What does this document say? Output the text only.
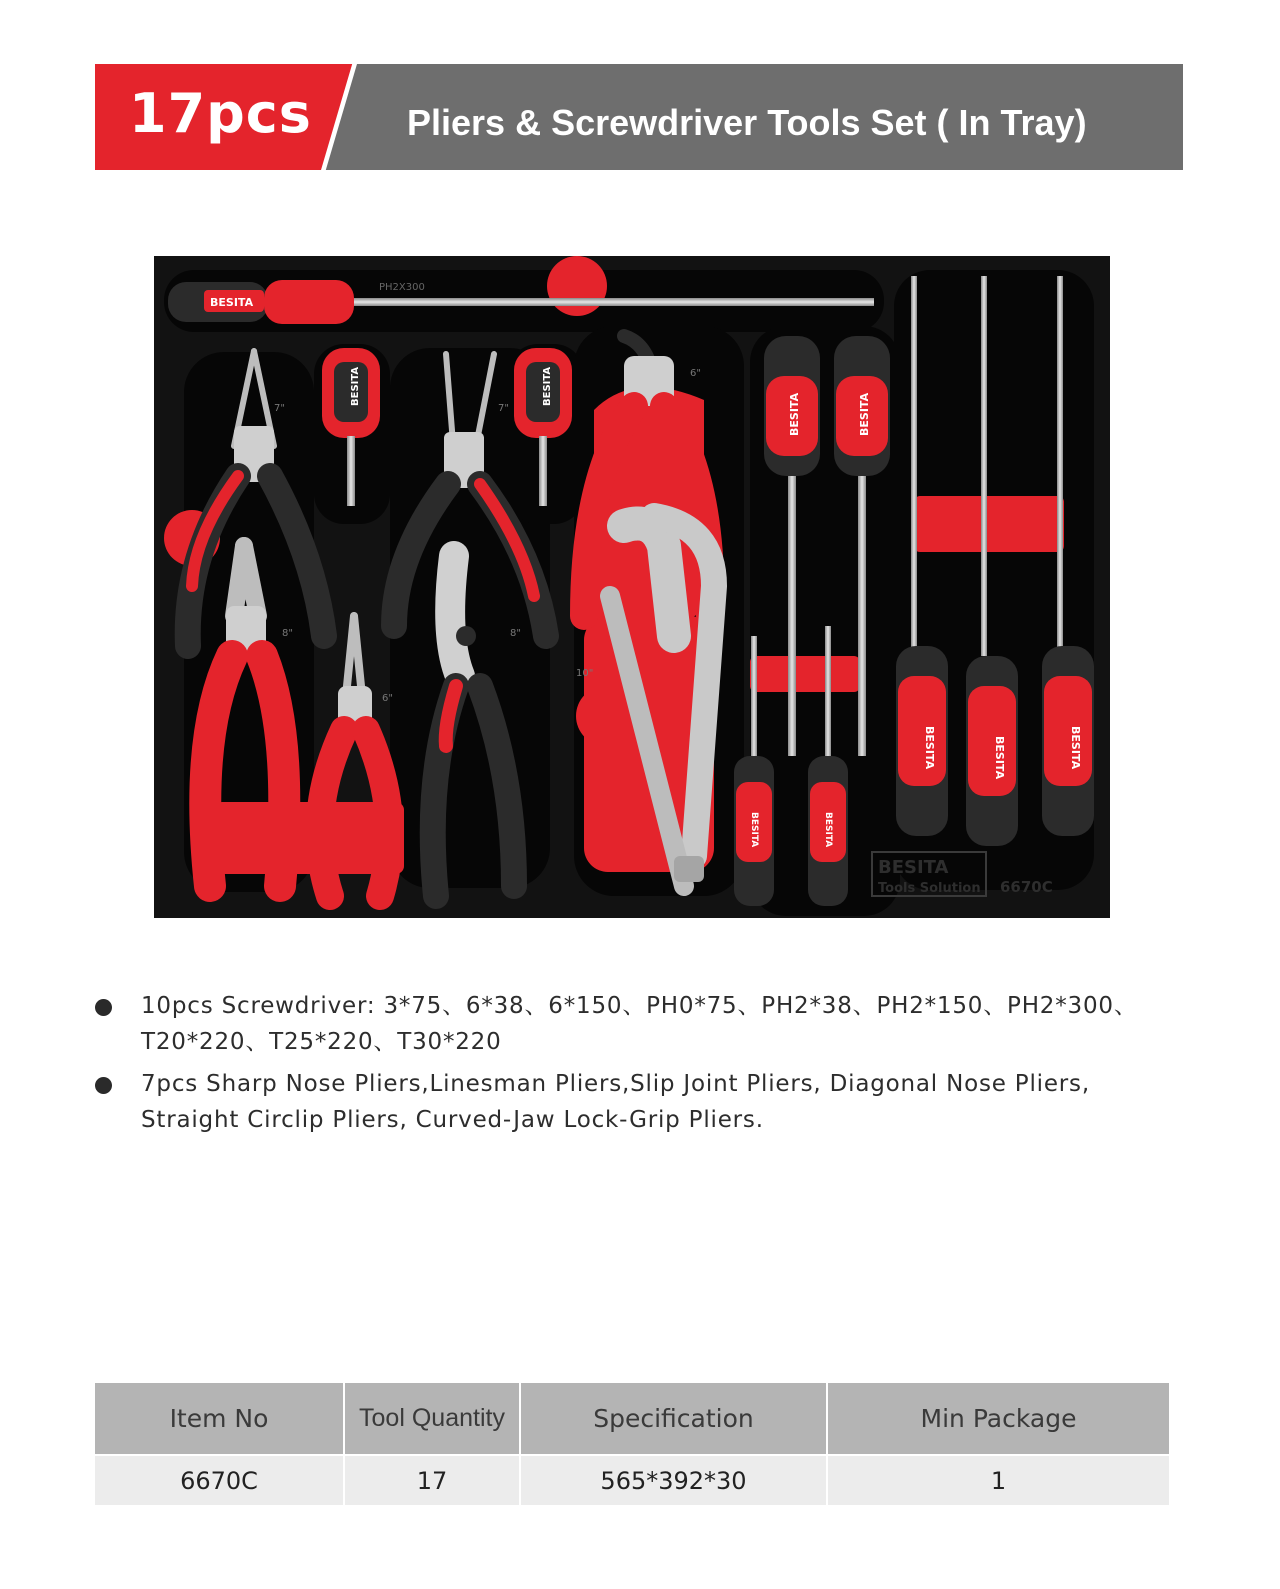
17pcs	Pliers & Screwdriver Tools Set ( In Tray)
BESITA
PH2X300
BESITA	BESITA
BESITA	BESITA
BESITA	BESITA	BESITA
BESITA	BESITA
7"	7"
6"
8"
6"
8"
10"
BESITA
Tools Solution 6670C
10pcs Screwdriver: 3*75、6*38、6*150、PH0*75、PH2*38、PH2*150、PH2*300、T20*220、T25*220、T30*220
7pcs Sharp Nose Pliers,Linesman Pliers,Slip Joint Pliers, Diagonal Nose Pliers, Straight Circlip Pliers, Curved-Jaw Lock-Grip Pliers.
Item No	Tool Quantity	Specification	Min Package
6670C	17	565*392*30	1
